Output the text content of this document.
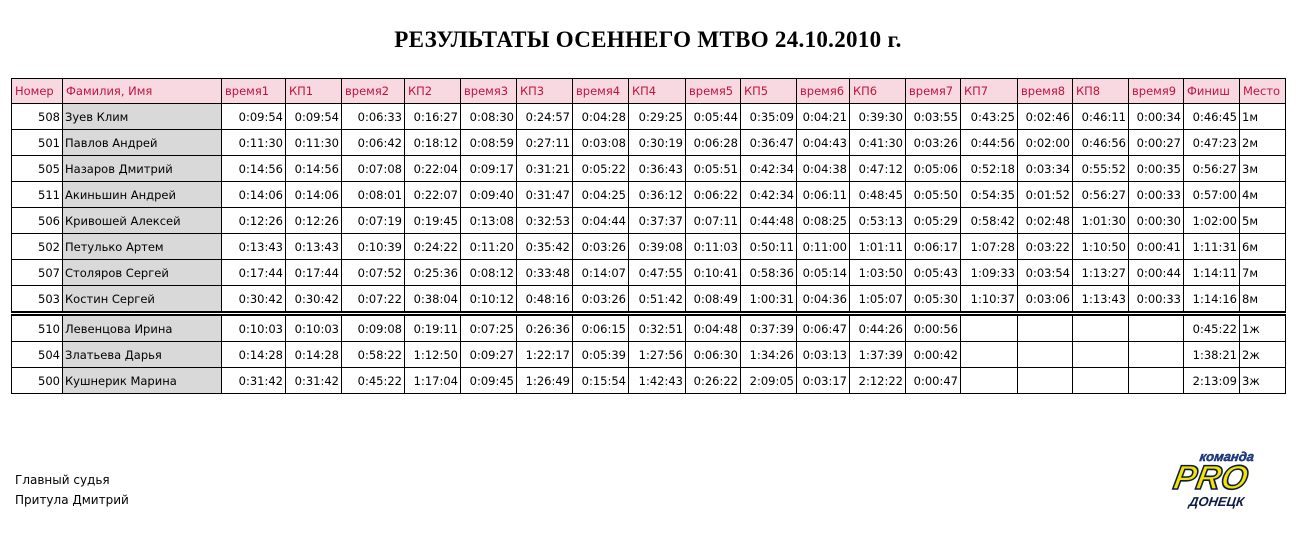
РЕЗУЛЬТАТЫ ОСЕННЕГО МТВО 24.10.2010 г.
Номер	Фамилия, Имя	время1	КП1	время2	КП2	время3	КП3	время4	КП4	время5	КП5	время6	КП6	время7	КП7	время8	КП8	время9	Финиш	Место
508	Зуев Клим	0:09:54	0:09:54	0:06:33	0:16:27	0:08:30	0:24:57	0:04:28	0:29:25	0:05:44	0:35:09	0:04:21	0:39:30	0:03:55	0:43:25	0:02:46	0:46:11	0:00:34	0:46:45	1м
501	Павлов Андрей	0:11:30	0:11:30	0:06:42	0:18:12	0:08:59	0:27:11	0:03:08	0:30:19	0:06:28	0:36:47	0:04:43	0:41:30	0:03:26	0:44:56	0:02:00	0:46:56	0:00:27	0:47:23	2м
505	Назаров Дмитрий	0:14:56	0:14:56	0:07:08	0:22:04	0:09:17	0:31:21	0:05:22	0:36:43	0:05:51	0:42:34	0:04:38	0:47:12	0:05:06	0:52:18	0:03:34	0:55:52	0:00:35	0:56:27	3м
511	Акиньшин Андрей	0:14:06	0:14:06	0:08:01	0:22:07	0:09:40	0:31:47	0:04:25	0:36:12	0:06:22	0:42:34	0:06:11	0:48:45	0:05:50	0:54:35	0:01:52	0:56:27	0:00:33	0:57:00	4м
506	Кривошей Алексей	0:12:26	0:12:26	0:07:19	0:19:45	0:13:08	0:32:53	0:04:44	0:37:37	0:07:11	0:44:48	0:08:25	0:53:13	0:05:29	0:58:42	0:02:48	1:01:30	0:00:30	1:02:00	5м
502	Петулько Артем	0:13:43	0:13:43	0:10:39	0:24:22	0:11:20	0:35:42	0:03:26	0:39:08	0:11:03	0:50:11	0:11:00	1:01:11	0:06:17	1:07:28	0:03:22	1:10:50	0:00:41	1:11:31	6м
507	Столяров Сергей	0:17:44	0:17:44	0:07:52	0:25:36	0:08:12	0:33:48	0:14:07	0:47:55	0:10:41	0:58:36	0:05:14	1:03:50	0:05:43	1:09:33	0:03:54	1:13:27	0:00:44	1:14:11	7м
503	Костин Сергей	0:30:42	0:30:42	0:07:22	0:38:04	0:10:12	0:48:16	0:03:26	0:51:42	0:08:49	1:00:31	0:04:36	1:05:07	0:05:30	1:10:37	0:03:06	1:13:43	0:00:33	1:14:16	8м
510	Левенцова Ирина	0:10:03	0:10:03	0:09:08	0:19:11	0:07:25	0:26:36	0:06:15	0:32:51	0:04:48	0:37:39	0:06:47	0:44:26	0:00:56					0:45:22	1ж
504	Златьева Дарья	0:14:28	0:14:28	0:58:22	1:12:50	0:09:27	1:22:17	0:05:39	1:27:56	0:06:30	1:34:26	0:03:13	1:37:39	0:00:42					1:38:21	2ж
500	Кушнерик Марина	0:31:42	0:31:42	0:45:22	1:17:04	0:09:45	1:26:49	0:15:54	1:42:43	0:26:22	2:09:05	0:03:17	2:12:22	0:00:47					2:13:09	3ж
Главный судья
Притула Дмитрий
команда
PRO
ДОНЕЦК
